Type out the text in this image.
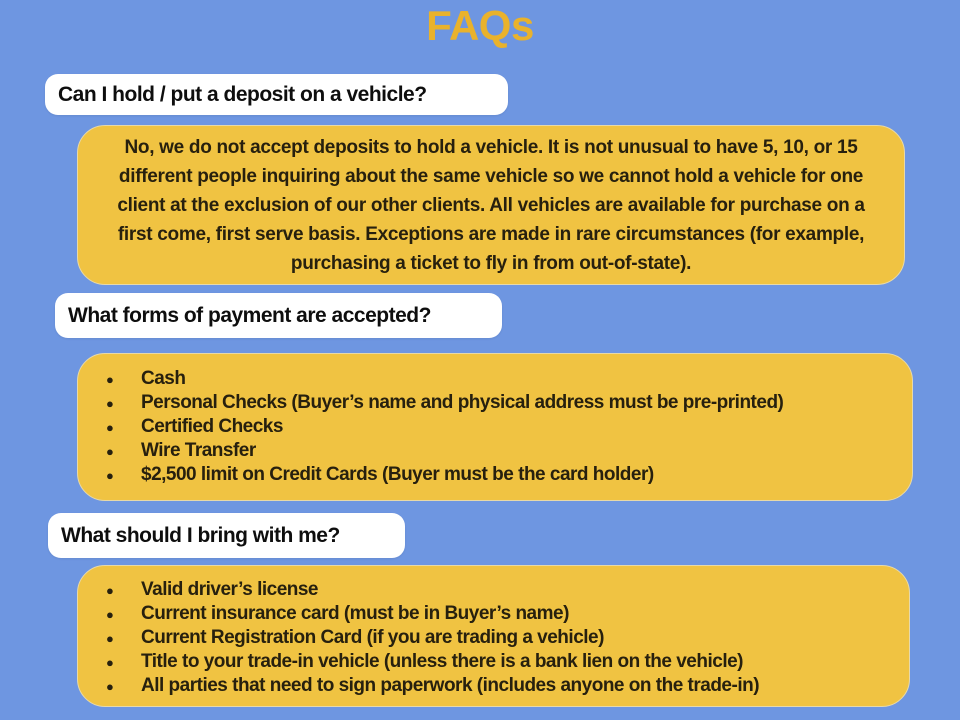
FAQs
Can I hold / put a deposit on a vehicle?

No, we do not accept deposits to hold a vehicle. It is not unusual to have 5, 10, or 15 different people inquiring about the same vehicle so we cannot hold a vehicle for one client at the exclusion of our other clients. All vehicles are available for purchase on a first come, first serve basis. Exceptions are made in rare circumstances (for example, purchasing a ticket to fly in from out-of-state).

What forms of payment are accepted?
●
Cash
●
Personal Checks (Buyer’s name and physical address must be pre-printed)
●
Certified Checks
●
Wire Transfer
●
$2,500 limit on Credit Cards (Buyer must be the card holder)
What should I bring with me?
●
Valid driver’s license
●
Current insurance card (must be in Buyer’s name)
●
Current Registration Card (if you are trading a vehicle)
●
Title to your trade-in vehicle (unless there is a bank lien on the vehicle)
●
All parties that need to sign paperwork (includes anyone on the trade-in)
